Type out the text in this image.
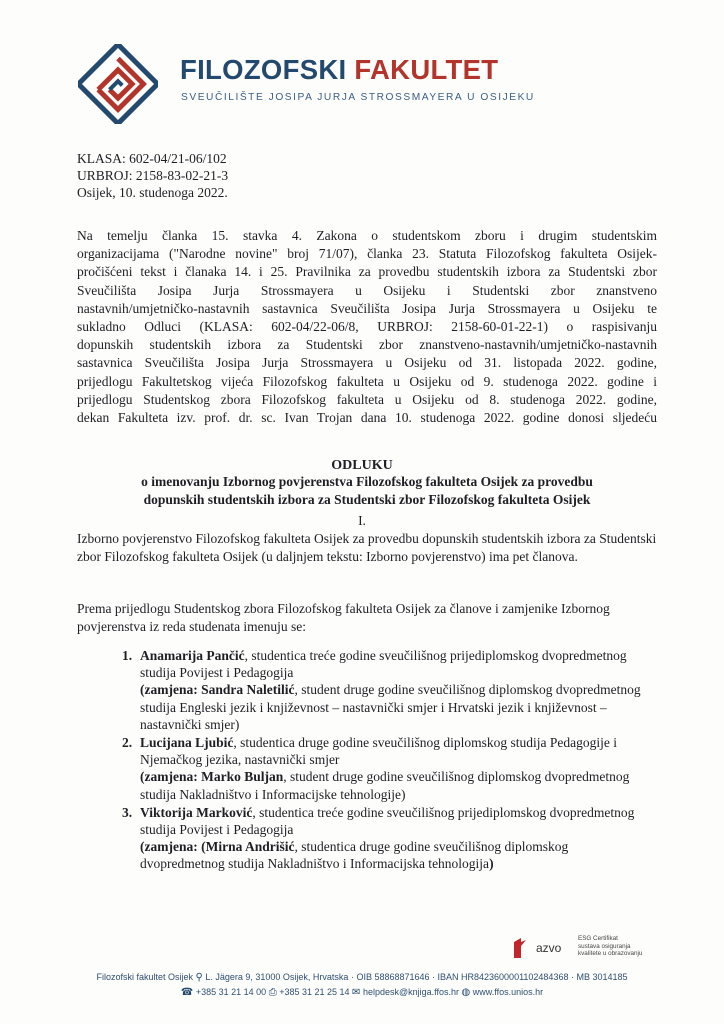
FILOZOFSKI FAKULTET
SVEUČILIŠTE JOSIPA JURJA STROSSMAYERA U OSIJEKU
KLASA: 602-04/21-06/102
URBROJ: 2158-83-02-21-3
Osijek, 10. studenoga 2022.
Na temelju članka 15. stavka 4. Zakona o studentskom zboru i drugim studentskim
organizacijama ("Narodne novine" broj 71/07), članka 23. Statuta Filozofskog fakulteta Osijek-
pročišćeni tekst i članaka 14. i 25. Pravilnika za provedbu studentskih izbora za Studentski zbor
Sveučilišta Josipa Jurja Strossmayera u Osijeku i Studentski zbor znanstveno
nastavnih/umjetničko-nastavnih sastavnica Sveučilišta Josipa Jurja Strossmayera u Osijeku te
sukladno Odluci (KLASA: 602-04/22-06/8, URBROJ: 2158-60-01-22-1) o raspisivanju
dopunskih studentskih izbora za Studentski zbor znanstveno-nastavnih/umjetničko-nastavnih
sastavnica Sveučilišta Josipa Jurja Strossmayera u Osijeku od 31. listopada 2022. godine,
prijedlogu Fakultetskog vijeća Filozofskog fakulteta u Osijeku od 9. studenoga 2022. godine i
prijedlogu Studentskog zbora Filozofskog fakulteta u Osijeku od 8. studenoga 2022. godine,
dekan Fakulteta izv. prof. dr. sc. Ivan Trojan dana 10. studenoga 2022. godine donosi sljedeću
ODLUKU
o imenovanju Izbornog povjerenstva Filozofskog fakulteta Osijek za provedbu
dopunskih studentskih izbora za Studentski zbor Filozofskog fakulteta Osijek
I.
Izborno povjerenstvo Filozofskog fakulteta Osijek za provedbu dopunskih studentskih izbora za Studentski zbor Filozofskog fakulteta Osijek (u daljnjem tekstu: Izborno povjerenstvo) ima pet članova.
Prema prijedlogu Studentskog zbora Filozofskog fakulteta Osijek za članove i zamjenike Izbornog povjerenstva iz reda studenata imenuju se:
1. Anamarija Pančić, studentica treće godine sveučilišnog prijediplomskog dvopredmetnog studija Povijest i Pedagogija
(zamjena: Sandra Naletilić, student druge godine sveučilišnog diplomskog dvopredmetnog studija Engleski jezik i književnost – nastavnički smjer i Hrvatski jezik i književnost – nastavnički smjer)
2. Lucijana Ljubić, studentica druge godine sveučilišnog diplomskog studija Pedagogije i Njemačkog jezika, nastavnički smjer
(zamjena: Marko Buljan, student druge godine sveučilišnog diplomskog dvopredmetnog studija Nakladništvo i Informacijske tehnologije)
3. Viktorija Marković, studentica treće godine sveučilišnog prijediplomskog dvopredmetnog studija Povijest i Pedagogija
(zamjena: (Mirna Andrišić, studentica druge godine sveučilišnog diplomskog dvopredmetnog studija Nakladništvo i Informacijska tehnologija)
azvo
ESG Certifikat
sustava osiguranja
kvalitete u obrazovanju
Filozofski fakultet Osijek ⚲ L. Jägera 9, 31000 Osijek, Hrvatska · OIB 58868871646 · IBAN HR8423600001102484368 · MB 3014185
☎ +385 31 21 14 00 ⎙ +385 31 21 25 14 ✉ helpdesk@knjiga.ffos.hr ◍ www.ffos.unios.hr
